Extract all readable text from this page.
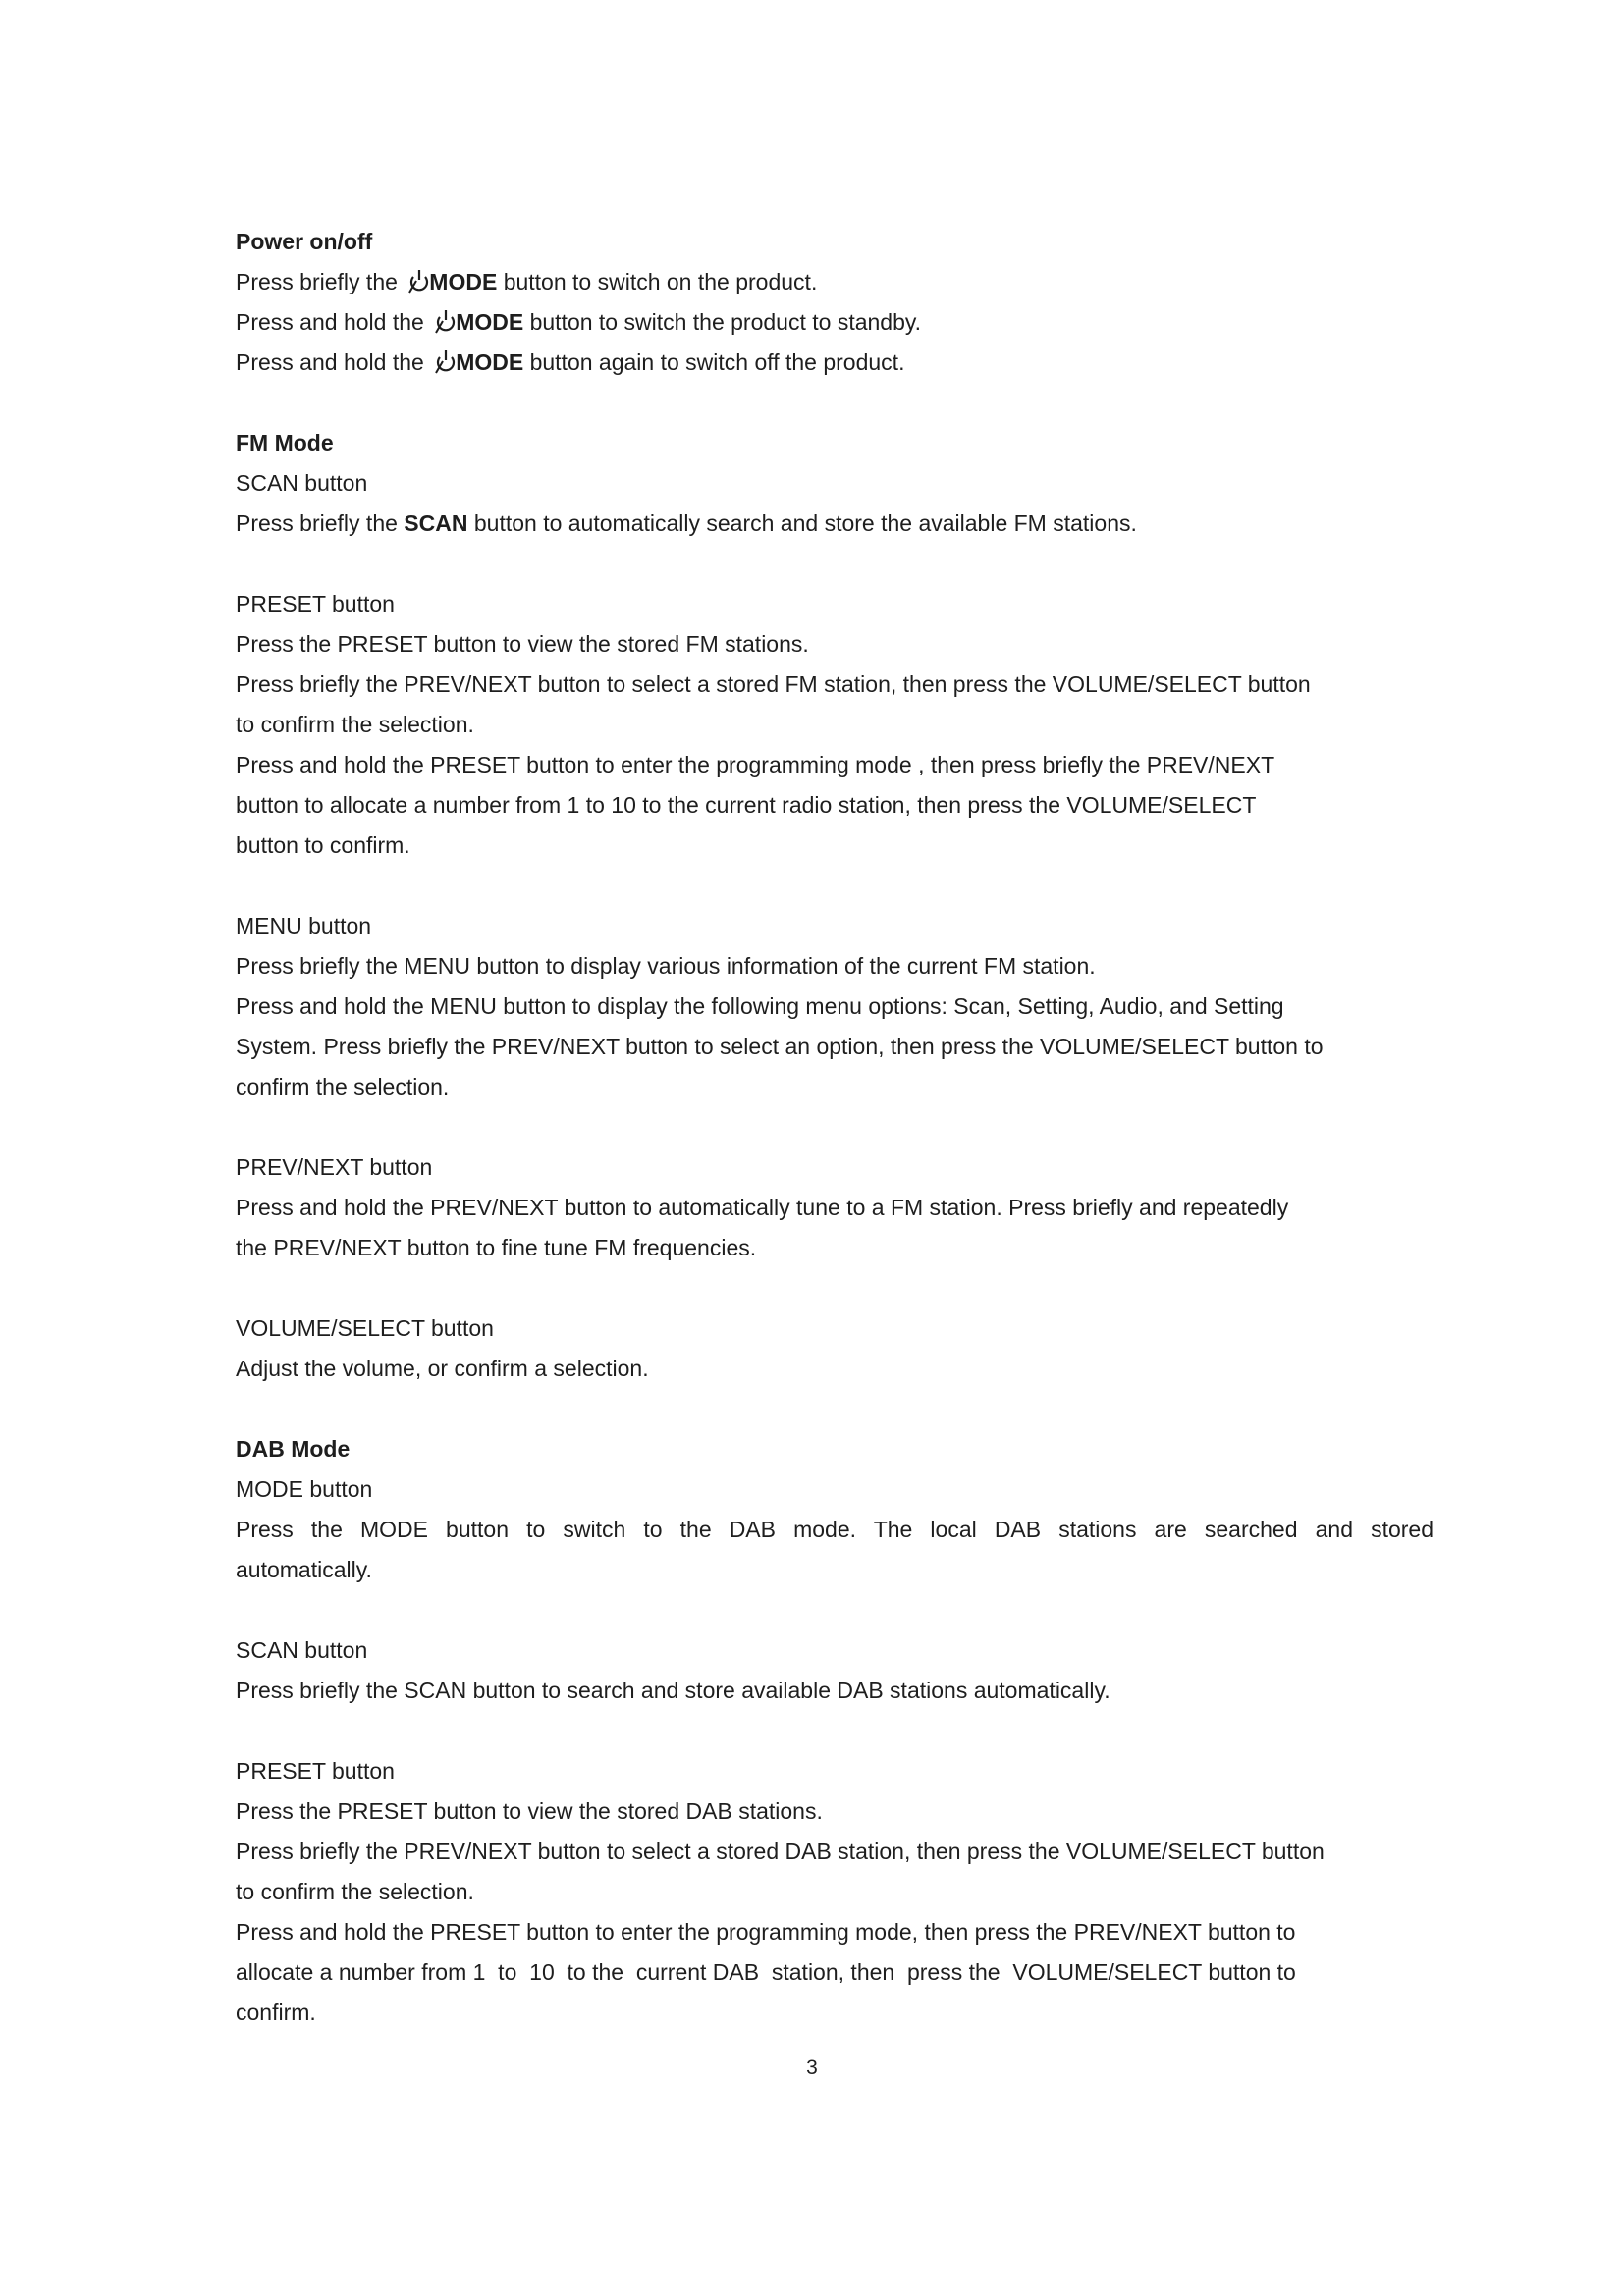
Power on/off
Press briefly the MODE button to switch on the product.
Press and hold the MODE button to switch the product to standby.
Press and hold the MODE button again to switch off the product.
FM Mode
SCAN button
Press briefly the SCAN button to automatically search and store the available FM stations.
PRESET button
Press the PRESET button to view the stored FM stations.
Press briefly the PREV/NEXT button to select a stored FM station, then press the VOLUME/SELECT button
to confirm the selection.
Press and hold the PRESET button to enter the programming mode , then press briefly the PREV/NEXT
button to allocate a number from 1 to 10 to the current radio station, then press the VOLUME/SELECT
button to confirm.
MENU button
Press briefly the MENU button to display various information of the current FM station.
Press and hold the MENU button to display the following menu options: Scan, Setting, Audio, and Setting
System. Press briefly the PREV/NEXT button to select an option, then press the VOLUME/SELECT button to
confirm the selection.
PREV/NEXT button
Press and hold the PREV/NEXT button to automatically tune to a FM station. Press briefly and repeatedly
the PREV/NEXT button to fine tune FM frequencies.
VOLUME/SELECT button
Adjust the volume, or confirm a selection.
DAB Mode
MODE button
Press the MODE button to switch to the DAB mode. The local DAB stations are searched and stored
automatically.
SCAN button
Press briefly the SCAN button to search and store available DAB stations automatically.
PRESET button
Press the PRESET button to view the stored DAB stations.
Press briefly the PREV/NEXT button to select a stored DAB station, then press the VOLUME/SELECT button
to confirm the selection.
Press and hold the PRESET button to enter the programming mode, then press the PREV/NEXT button to
allocate a number from 1  to  10  to the  current DAB  station, then  press the  VOLUME/SELECT button to
confirm.
3
